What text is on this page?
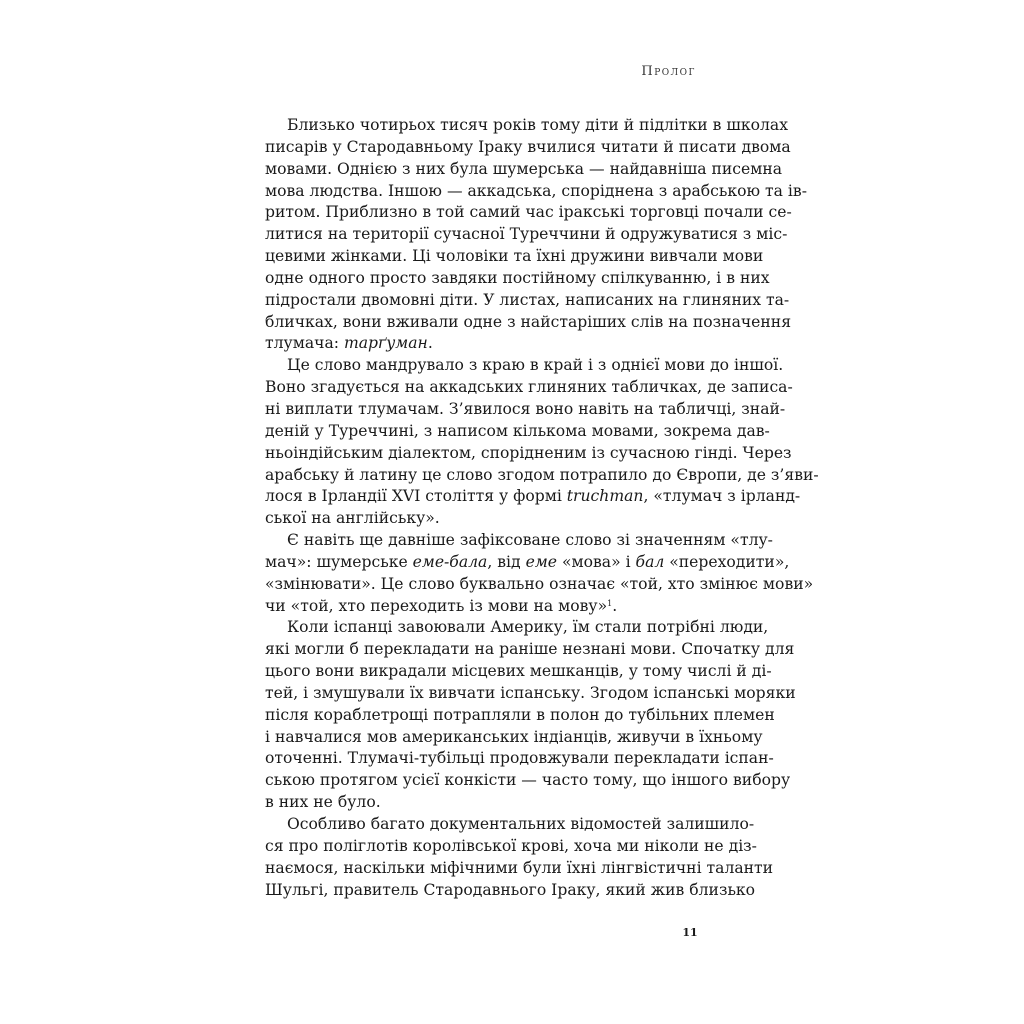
Пролог
Близько чотирьох тисяч років тому діти й підлітки в школах
писарів у Стародавньому Іраку вчилися читати й писати двома
мовами. Однією з них була шумерська — найдавніша писемна
мова людства. Іншою — аккадська, споріднена з арабською та ів-
ритом. Приблизно в той самий час іракські торговці почали се-
литися на території сучасної Туреччини й одружуватися з міс-
цевими жінками. Ці чоловіки та їхні дружини вивчали мови
одне одного просто завдяки постійному спілкуванню, і в них
підростали двомовні діти. У листах, написаних на глиняних та-
бличках, вони вживали одне з найстаріших слів на позначення
тлумача: тарґуман.
Це слово мандрувало з краю в край і з однієї мови до іншої.
Воно згадується на аккадських глиняних табличках, де записа-
ні виплати тлумачам. З’явилося воно навіть на табличці, знай-
деній у Туреччині, з написом кількома мовами, зокрема дав-
ньоіндійським діалектом, спорідненим із сучасною гінді. Через
арабську й латину це слово згодом потрапило до Європи, де з’яви-
лося в Ірландії XVI століття у формі truchman, «тлумач з ірланд-
ської на англійську».
Є навіть ще давніше зафіксоване слово зі значенням «тлу-
мач»: шумерське еме-бала, від еме «мова» і бал «переходити»,
«змінювати». Це слово буквально означає «той, хто змінює мови»
чи «той, хто переходить із мови на мову»$^1$.
Коли іспанці завоювали Америку, їм стали потрібні люди,
які могли б перекладати на раніше незнані мови. Спочатку для
цього вони викрадали місцевих мешканців, у тому числі й ді-
тей, і змушували їх вивчати іспанську. Згодом іспанські моряки
після кораблетрощі потрапляли в полон до тубільних племен
і навчалися мов американських індіанців, живучи в їхньому
оточенні. Тлумачі-тубільці продовжували перекладати іспан-
ською протягом усієї конкісти — часто тому, що іншого вибору
в них не було.
Особливо багато документальних відомостей залишило-
ся про поліглотів королівської крові, хоча ми ніколи не діз-
наємося, наскільки міфічними були їхні лінгвістичні таланти
Шульгі, правитель Стародавнього Іраку, який жив близько
11
